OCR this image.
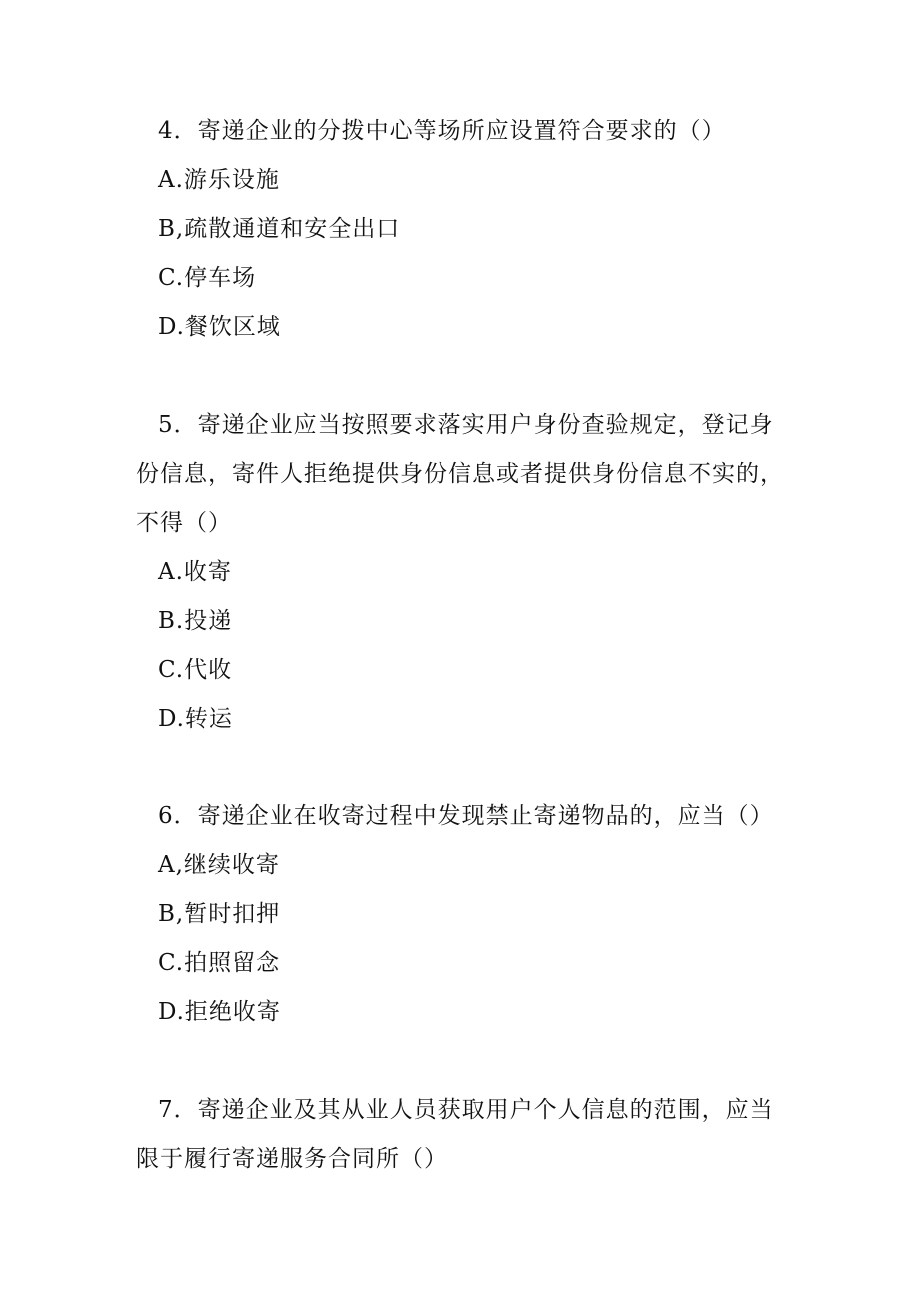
4．寄递企业的分拨中心等场所应设置符合要求的（）
A.游乐设施
B,疏散通道和安全出口
C.停车场
D.餐饮区域
5．寄递企业应当按照要求落实用户身份查验规定，登记身
份信息，寄件人拒绝提供身份信息或者提供身份信息不实的，
不得（）
A.收寄
B.投递
C.代收
D.转运
6．寄递企业在收寄过程中发现禁止寄递物品的，应当（）
A,继续收寄
B,暂时扣押
C.拍照留念
D.拒绝收寄
7．寄递企业及其从业人员获取用户个人信息的范围，应当
限于履行寄递服务合同所（）
